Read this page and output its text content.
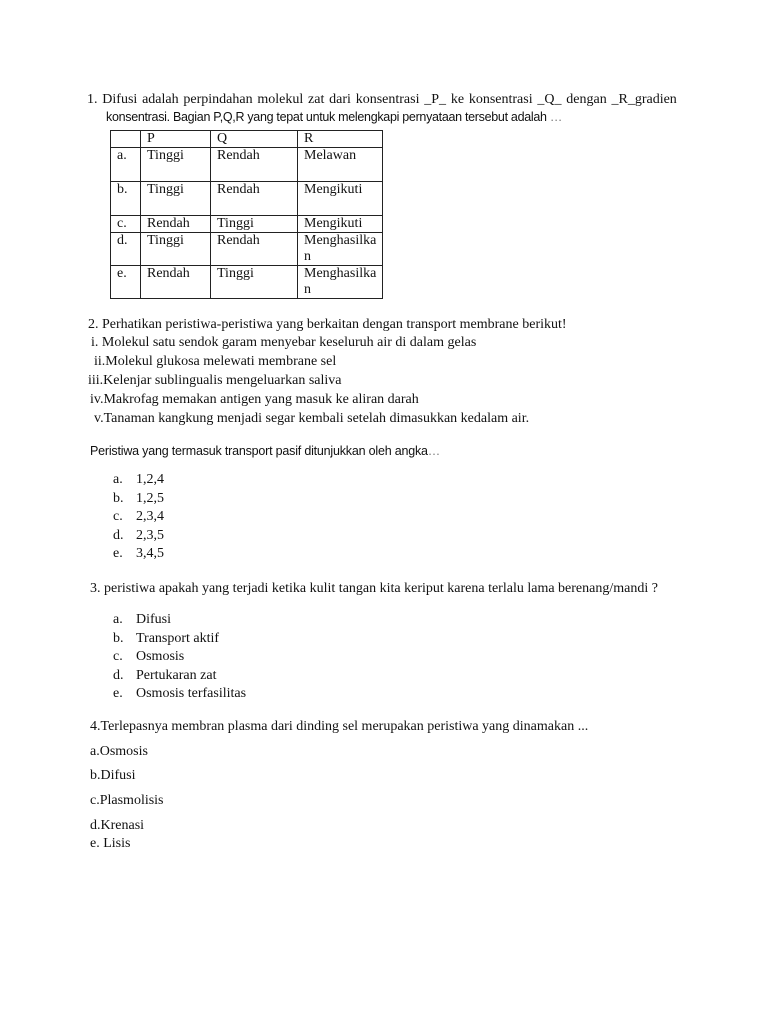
1. Difusi adalah perpindahan molekul zat dari konsentrasi _P_ ke konsentrasi _Q_ dengan _R_gradien
konsentrasi. Bagian P,Q,R yang tepat untuk melengkapi pernyataan tersebut adalah …
	P	Q	R
a.	Tinggi	Rendah	Melawan
b.	Tinggi	Rendah	Mengikuti
c.	Rendah	Tinggi	Mengikuti
d.	Tinggi	Rendah	Menghasilkan
e.	Rendah	Tinggi	Menghasilkan
2. Perhatikan peristiwa-peristiwa yang berkaitan dengan transport membrane berikut!
i. Molekul satu sendok garam menyebar keseluruh air di dalam gelas
ii.Molekul glukosa melewati membrane sel
iii.Kelenjar sublingualis mengeluarkan saliva
iv.Makrofag memakan antigen yang masuk ke aliran darah
v.Tanaman kangkung menjadi segar kembali setelah dimasukkan kedalam air.
Peristiwa yang termasuk transport pasif ditunjukkan oleh angka…
a. 1,2,4
b. 1,2,5
c. 2,3,4
d. 2,3,5
e. 3,4,5
3. peristiwa apakah yang terjadi ketika kulit tangan kita keriput karena terlalu lama berenang/mandi ?
a. Difusi
b. Transport aktif
c. Osmosis
d. Pertukaran zat
e. Osmosis terfasilitas
4.Terlepasnya membran plasma dari dinding sel merupakan peristiwa yang dinamakan ...
a.Osmosis
b.Difusi
c.Plasmolisis
d.Krenasi
e. Lisis
